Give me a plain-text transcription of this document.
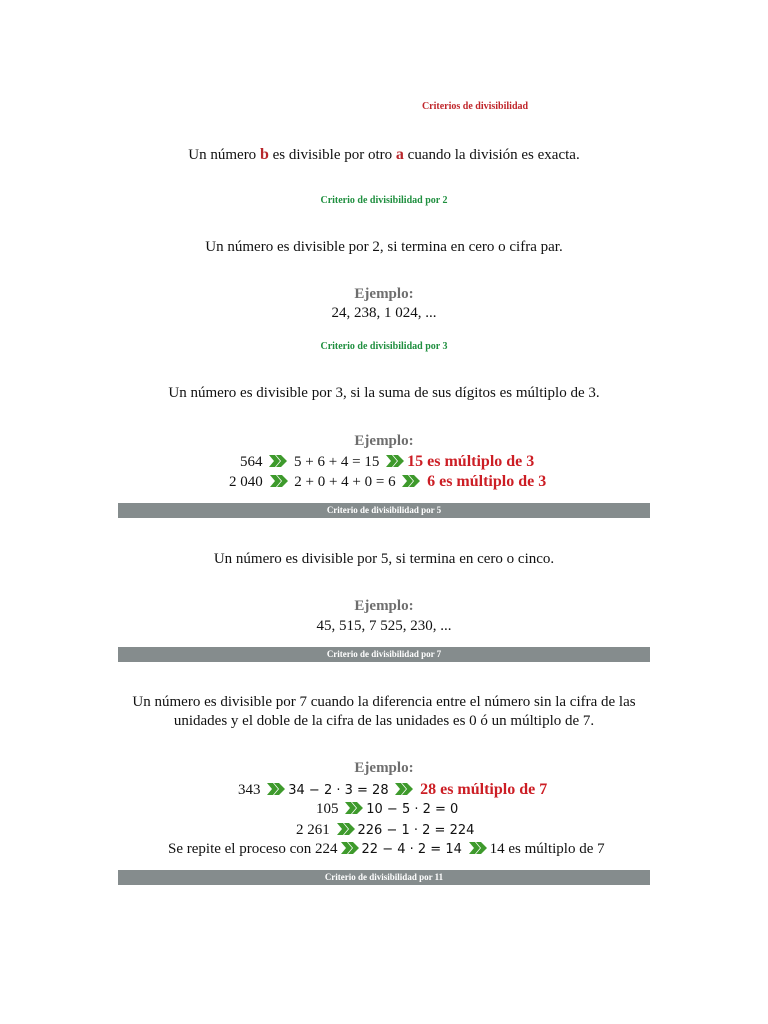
Criterios de divisibilidad
Un número b es divisible por otro a cuando la división es exacta.
Criterio de divisibilidad por 2
Un número es divisible por 2, si termina en cero o cifra par.
Ejemplo:
24, 238, 1 024, ...
Criterio de divisibilidad por 3
Un número es divisible por 3, si la suma de sus dígitos es múltiplo de 3.
Ejemplo:
564 5 + 6 + 4 = 15 15 es múltiplo de 3
2 040 2 + 0 + 4 + 0 = 6 6 es múltiplo de 3
Criterio de divisibilidad por 5
Un número es divisible por 5, si termina en cero o cinco.
Ejemplo:
45, 515, 7 525, 230, ...
Criterio de divisibilidad por 7
Un número es divisible por 7 cuando la diferencia entre el número sin la cifra de las
unidades y el doble de la cifra de las unidades es 0 ó un múltiplo de 7.
Ejemplo:
343 34 − 2 · 3 = 28 28 es múltiplo de 7
105 10 − 5 · 2 = 0
2 261 226 − 1 · 2 = 224
Se repite el proceso con 224 22 − 4 · 2 = 14 14 es múltiplo de 7
Criterio de divisibilidad por 11
